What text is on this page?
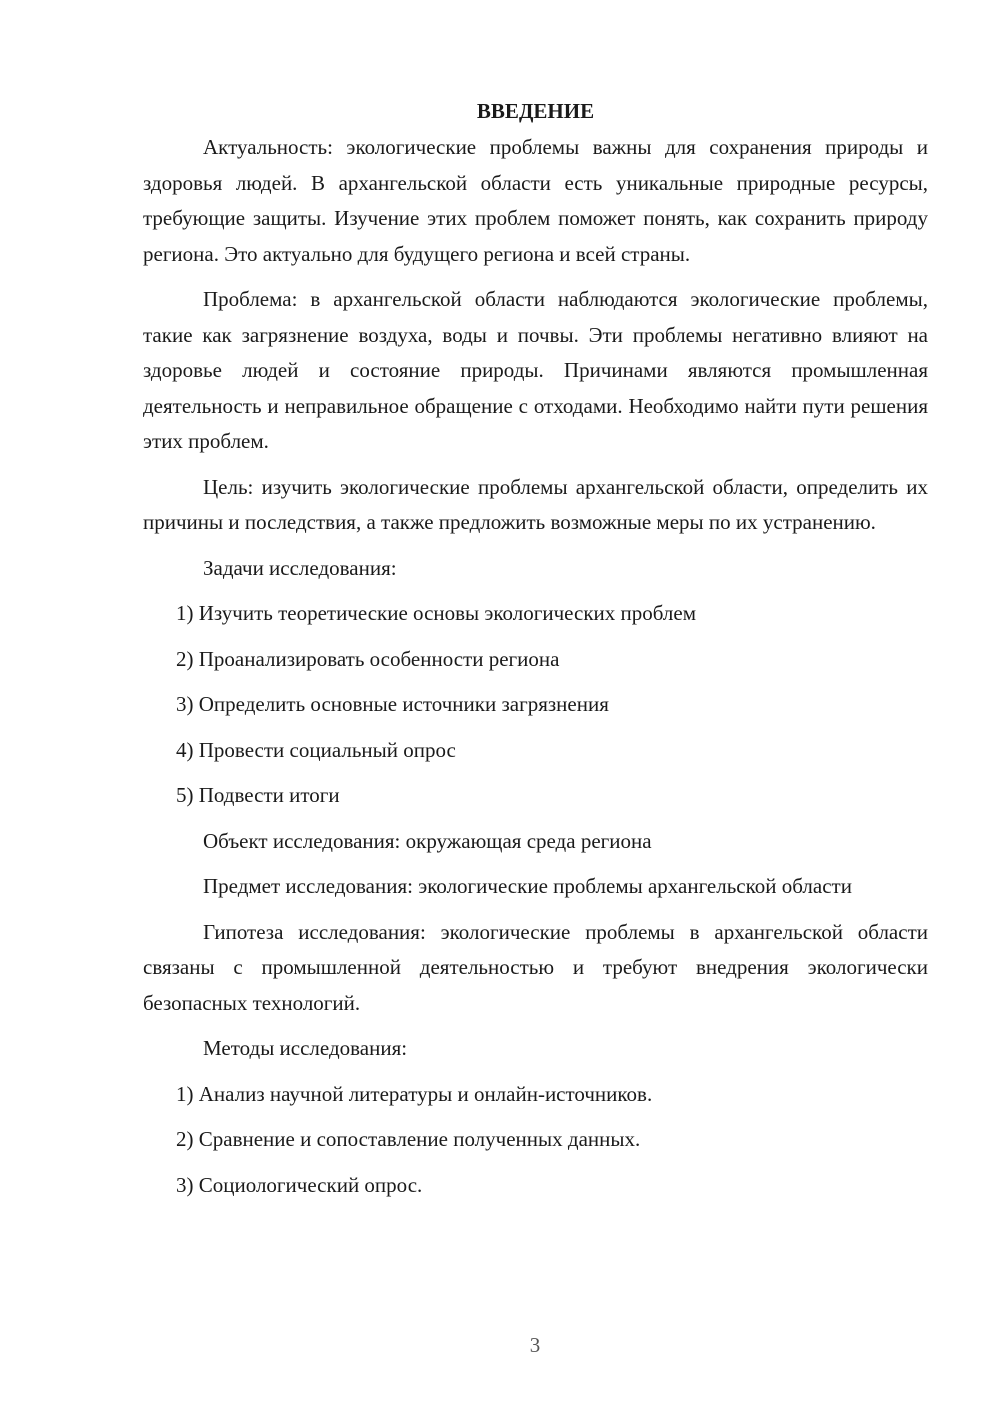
ВВЕДЕНИЕ

Актуальность: экологические проблемы важны для сохранения природы и здоровья людей. В архангельской области есть уникальные природные ресурсы, требующие защиты. Изучение этих проблем поможет понять, как сохранить природу региона. Это актуально для будущего региона и всей страны.

Проблема: в архангельской области наблюдаются экологические проблемы, такие как загрязнение воздуха, воды и почвы. Эти проблемы негативно влияют на здоровье людей и состояние природы. Причинами являются промышленная деятельность и неправильное обращение с отходами. Необходимо найти пути решения этих проблем.

Цель: изучить экологические проблемы архангельской области, определить их причины и последствия, а также предложить возможные меры по их устранению.

Задачи исследования:

1) Изучить теоретические основы экологических проблем
2) Проанализировать особенности региона
3) Определить основные источники загрязнения
4) Провести социальный опрос
5) Подвести итоги

Объект исследования: окружающая среда региона

Предмет исследования: экологические проблемы архангельской области

Гипотеза исследования: экологические проблемы в архангельской области связаны с промышленной деятельностью и требуют внедрения экологически безопасных технологий.

Методы исследования:

1) Анализ научной литературы и онлайн-источников.
2) Сравнение и сопоставление полученных данных.
3) Социологический опрос.
3
